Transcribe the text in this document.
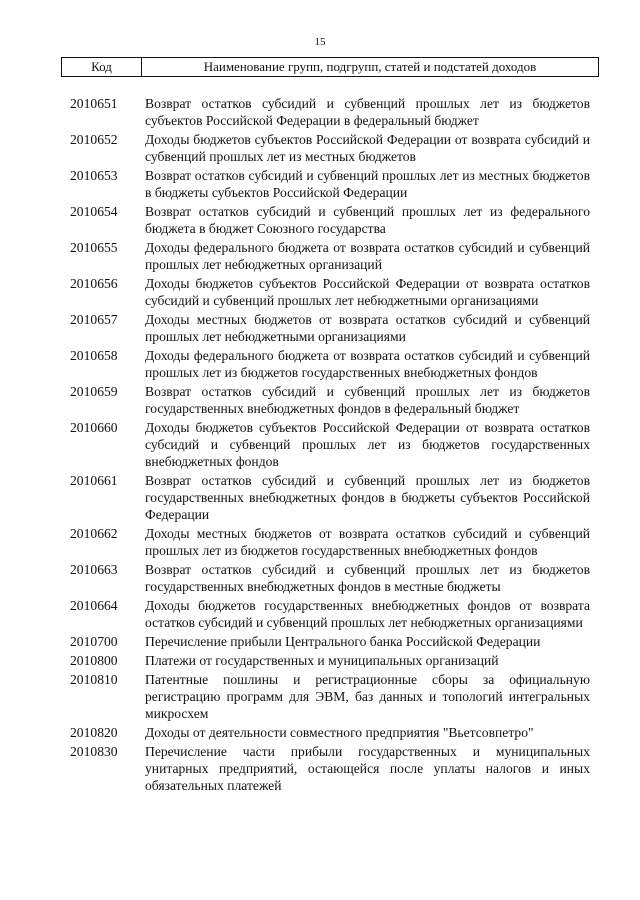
15
Код	Наименование групп, подгрупп, статей и подстатей доходов
2010651	Возврат остатков субсидий и субвенций прошлых лет из бюджетов субъектов Российской Федерации в федеральный бюджет
2010652	Доходы бюджетов субъектов Российской Федерации от возврата субсидий и субвенций прошлых лет из местных бюджетов
2010653	Возврат остатков субсидий и субвенций прошлых лет из местных бюджетов в бюджеты субъектов Российской Федерации
2010654	Возврат остатков субсидий и субвенций прошлых лет из федерального бюджета в бюджет Союзного государства
2010655	Доходы федерального бюджета от возврата остатков субсидий и субвенций прошлых лет небюджетных организаций
2010656	Доходы бюджетов субъектов Российской Федерации от возврата остатков субсидий и субвенций прошлых лет небюджетными организациями
2010657	Доходы местных бюджетов от возврата остатков субсидий и субвенций прошлых лет небюджетными организациями
2010658	Доходы федерального бюджета от возврата остатков субсидий и субвенций прошлых лет из бюджетов государственных внебюджетных фондов
2010659	Возврат остатков субсидий и субвенций прошлых лет из бюджетов государственных внебюджетных фондов в федеральный бюджет
2010660	Доходы бюджетов субъектов Российской Федерации от возврата остатков субсидий и субвенций прошлых лет из бюджетов государственных внебюджетных фондов
2010661	Возврат остатков субсидий и субвенций прошлых лет из бюджетов государственных внебюджетных фондов в бюджеты субъектов Российской Федерации
2010662	Доходы местных бюджетов от возврата остатков субсидий и субвенций прошлых лет из бюджетов государственных внебюджетных фондов
2010663	Возврат остатков субсидий и субвенций прошлых лет из бюджетов государственных внебюджетных фондов в местные бюджеты
2010664	Доходы бюджетов государственных внебюджетных фондов от возврата остатков субсидий и субвенций прошлых лет небюджетных организациями
2010700	Перечисление прибыли Центрального банка Российской Федерации
2010800	Платежи от государственных и муниципальных организаций
2010810	Патентные пошлины и регистрационные сборы за официальную регистрацию программ для ЭВМ, баз данных и топологий интегральных микросхем
2010820	Доходы от деятельности совместного предприятия "Вьетсовпетро"
2010830	Перечисление части прибыли государственных и муниципальных унитарных предприятий, остающейся после уплаты налогов и иных обязательных платежей
